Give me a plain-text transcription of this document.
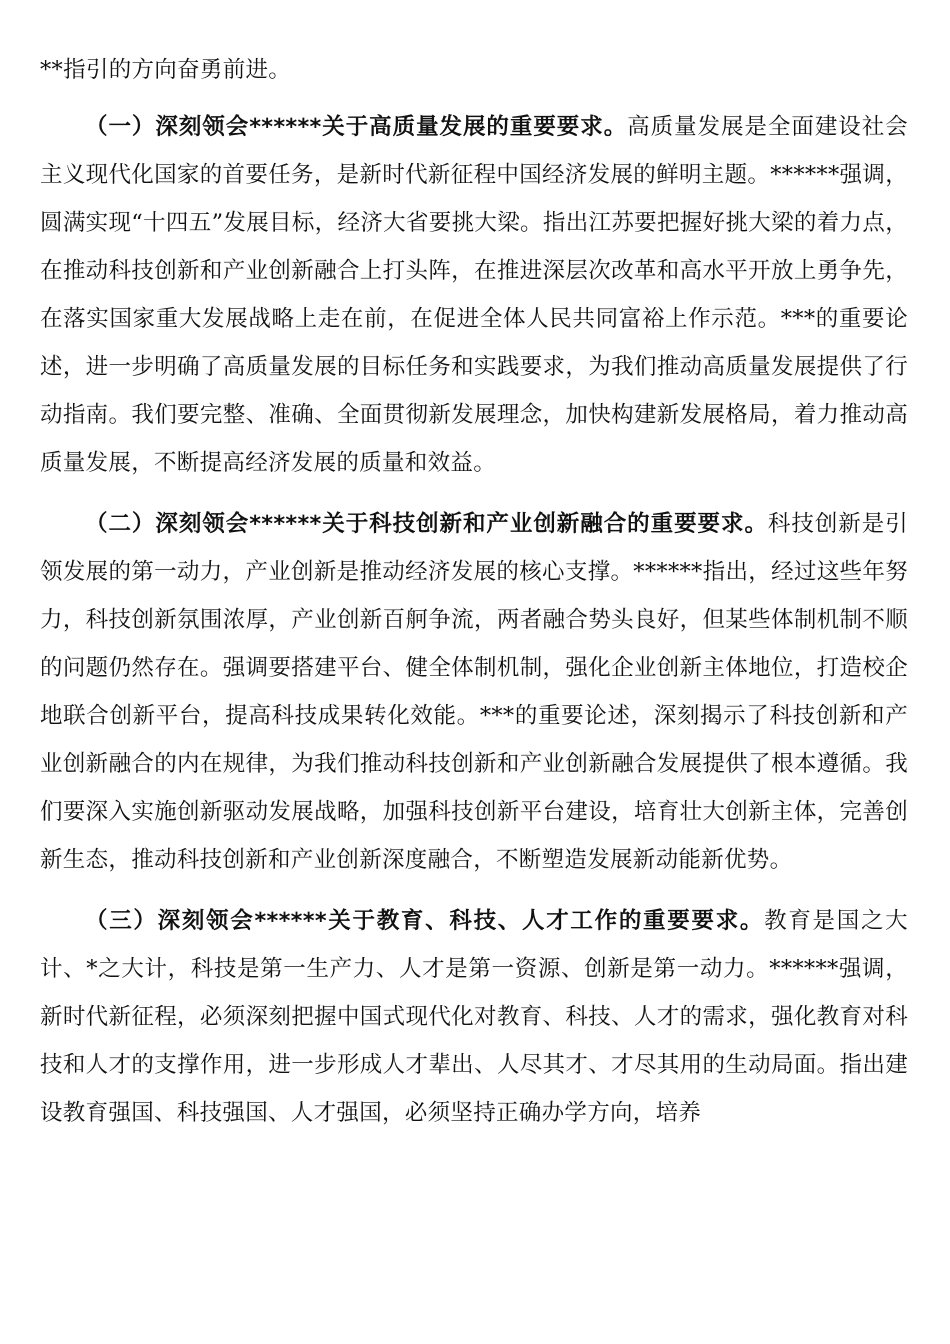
**指引的方向奋勇前进。

（一）深刻领会******关于高质量发展的重要要求。高质量发展是全面建设社会主义现代化国家的首要任务，是新时代新征程中国经济发展的鲜明主题。******强调，圆满实现“十四五”发展目标，经济大省要挑大梁。指出江苏要把握好挑大梁的着力点，在推动科技创新和产业创新融合上打头阵，在推进深层次改革和高水平开放上勇争先，在落实国家重大发展战略上走在前，在促进全体人民共同富裕上作示范。***的重要论述，进一步明确了高质量发展的目标任务和实践要求，为我们推动高质量发展提供了行动指南。我们要完整、准确、全面贯彻新发展理念，加快构建新发展格局，着力推动高质量发展，不断提高经济发展的质量和效益。

（二）深刻领会******关于科技创新和产业创新融合的重要要求。科技创新是引领发展的第一动力，产业创新是推动经济发展的核心支撑。******指出，经过这些年努力，科技创新氛围浓厚，产业创新百舸争流，两者融合势头良好，但某些体制机制不顺的问题仍然存在。强调要搭建平台、健全体制机制，强化企业创新主体地位，打造校企地联合创新平台，提高科技成果转化效能。***的重要论述，深刻揭示了科技创新和产业创新融合的内在规律，为我们推动科技创新和产业创新融合发展提供了根本遵循。我们要深入实施创新驱动发展战略，加强科技创新平台建设，培育壮大创新主体，完善创新生态，推动科技创新和产业创新深度融合，不断塑造发展新动能新优势。

（三）深刻领会******关于教育、科技、人才工作的重要要求。教育是国之大计、*之大计，科技是第一生产力、人才是第一资源、创新是第一动力。******强调，新时代新征程，必须深刻把握中国式现代化对教育、科技、人才的需求，强化教育对科技和人才的支撑作用，进一步形成人才辈出、人尽其才、才尽其用的生动局面。指出建设教育强国、科技强国、人才强国，必须坚持正确办学方向，培养
